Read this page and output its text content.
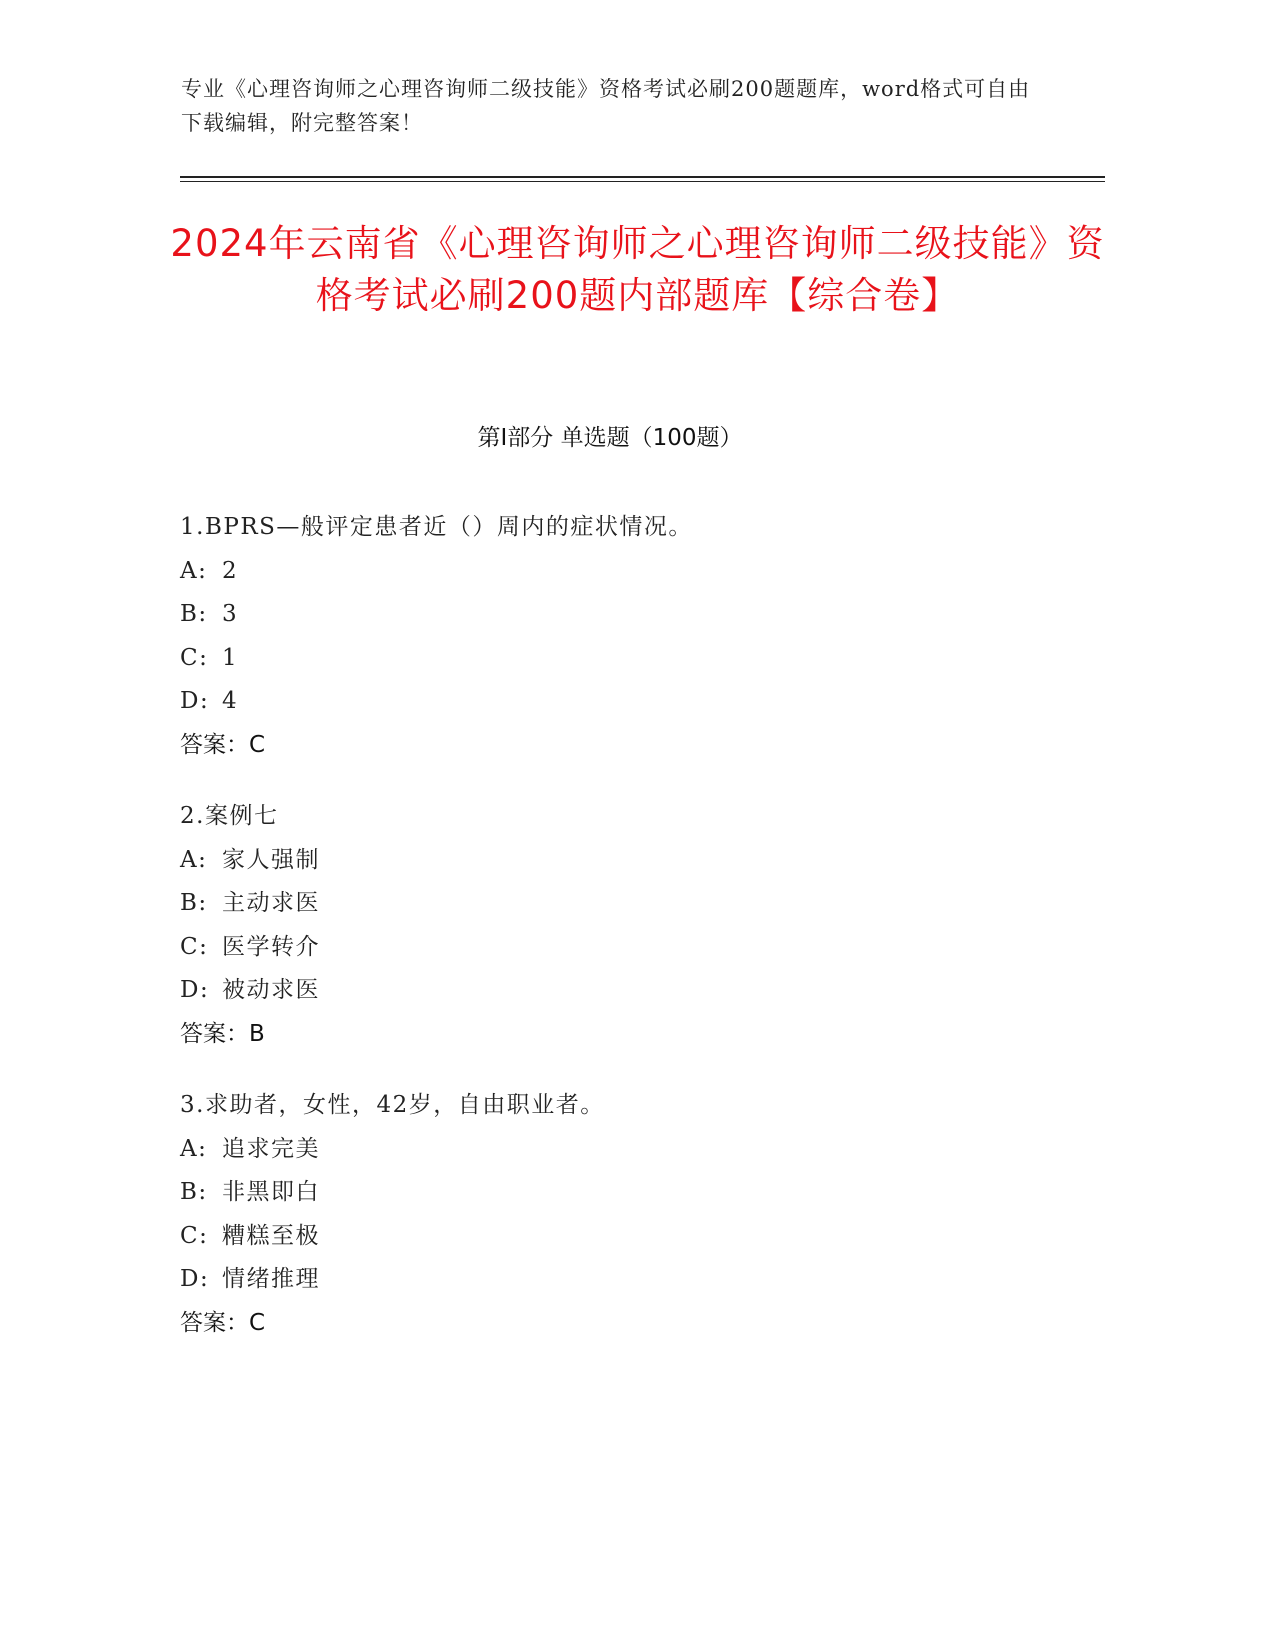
专业《心理咨询师之心理咨询师二级技能》资格考试必刷200题题库，word格式可自由下载编辑，附完整答案！
2024年云南省《心理咨询师之心理咨询师二级技能》资格考试必刷200题内部题库【综合卷】
第Ⅰ部分 单选题（100题）
1.BPRS—般评定患者近（）周内的症状情况。
A: 2
B: 3
C: 1
D: 4
答案：C
2.案例七
A: 家人强制
B: 主动求医
C: 医学转介
D: 被动求医
答案：B
3.求助者，女性，42岁，自由职业者。
A: 追求完美
B: 非黑即白
C: 糟糕至极
D: 情绪推理
答案：C
